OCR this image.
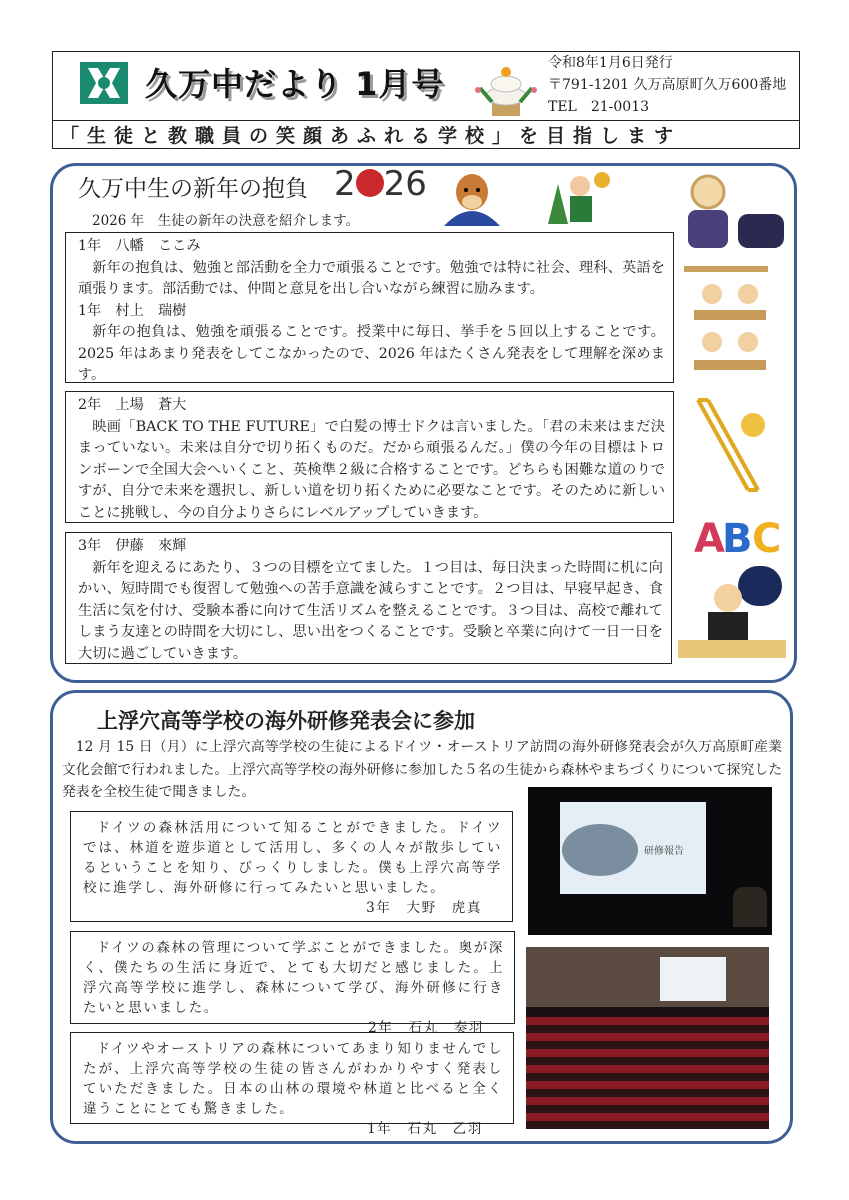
久万中だより 1月号
令和8年1月6日発行
〒791-1201 久万高原町久万600番地
TEL　21-0013
「生徒と教職員の笑顔あふれる学校」を目指します
久万中生の新年の抱負 2 26
2026 年　生徒の新年の決意を紹介します。
A
B C

1年　八幡　ここみ

新年の抱負は、勉強と部活動を全力で頑張ることです。勉強では特に社会、理科、英語を頑張ります。部活動では、仲間と意見を出し合いながら練習に励みます。

1年　村上　瑞樹

新年の抱負は、勉強を頑張ることです。授業中に毎日、挙手を５回以上することです。2025 年はあまり発表をしてこなかったので、2026 年はたくさん発表をして理解を深めます。

2年　上場　蒼大

映画「BACK TO THE FUTURE」で白髪の博士ドクは言いました。「君の未来はまだ決まっていない。未来は自分で切り拓くものだ。だから頑張るんだ。」僕の今年の目標はトロンボーンで全国大会へいくこと、英検準２級に合格することです。どちらも困難な道のりですが、自分で未来を選択し、新しい道を切り拓くために必要なことです。そのために新しいことに挑戦し、今の自分よりさらにレベルアップしていきます。

3年　伊藤　來輝

新年を迎えるにあたり、３つの目標を立てました。１つ目は、毎日決まった時間に机に向かい、短時間でも復習して勉強への苦手意識を減らすことです。２つ目は、早寝早起き、食生活に気を付け、受験本番に向けて生活リズムを整えることです。３つ目は、高校で離れてしまう友達との時間を大切にし、思い出をつくることです。受験と卒業に向けて一日一日を大切に過ごしていきます。

上浮穴高等学校の海外研修発表会に参加

12 月 15 日（月）に上浮穴高等学校の生徒によるドイツ・オーストリア訪問の海外研修発表会が久万高原町産業文化会館で行われました。上浮穴高等学校の海外研修に参加した５名の生徒から森林やまちづくりについて探究した発表を全校生徒で聞きました。

ドイツの森林活用について知ることができました。ドイツでは、林道を遊歩道として活用し、多くの人々が散歩しているということを知り、びっくりしました。僕も上浮穴高等学校に進学し、海外研修に行ってみたいと思いました。

3年　大野　虎真

ドイツの森林の管理について学ぶことができました。奥が深く、僕たちの生活に身近で、とても大切だと感じました。上浮穴高等学校に進学し、森林について学び、海外研修に行きたいと思いました。

2年　石丸　奏羽

ドイツやオーストリアの森林についてあまり知りませんでしたが、上浮穴高等学校の生徒の皆さんがわかりやすく発表していただきました。日本の山林の環境や林道と比べると全く違うことにとても驚きました。

1年　石丸　乙羽

研修報告
